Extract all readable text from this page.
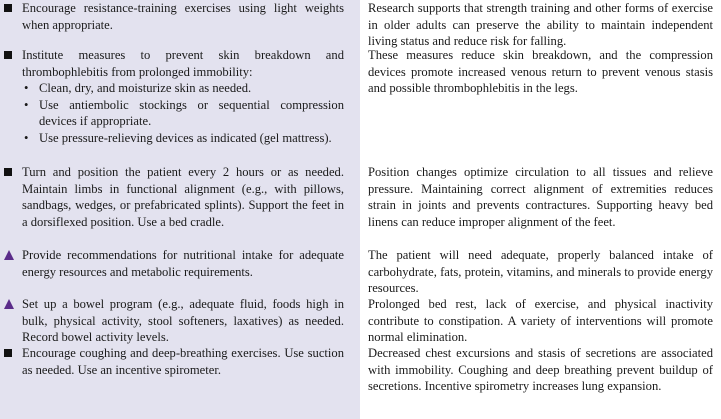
Encourage resistance-training exercises using light weights when appropriate.
Institute measures to prevent skin breakdown and thrombophlebitis from prolonged immobility:
• Clean, dry, and moisturize skin as needed.
• Use antiembolic stockings or sequential compression devices if appropriate.
• Use pressure-relieving devices as indicated (gel mattress).
Turn and position the patient every 2 hours or as needed. Maintain limbs in functional alignment (e.g., with pillows, sandbags, wedges, or prefabricated splints). Support the feet in a dorsiflexed position. Use a bed cradle.
Provide recommendations for nutritional intake for adequate energy resources and metabolic requirements.
Set up a bowel program (e.g., adequate fluid, foods high in bulk, physical activity, stool softeners, laxatives) as needed. Record bowel activity levels.
Encourage coughing and deep-breathing exercises. Use suction as needed. Use an incentive spirometer.
Research supports that strength training and other forms of exercise in older adults can preserve the ability to maintain independent living status and reduce risk for falling.
These measures reduce skin breakdown, and the compression devices promote increased venous return to prevent venous stasis and possible thrombophlebitis in the legs.
Position changes optimize circulation to all tissues and relieve pressure. Maintaining correct alignment of extremities reduces strain in joints and prevents contractures. Supporting heavy bed linens can reduce improper alignment of the feet.
The patient will need adequate, properly balanced intake of carbohydrate, fats, protein, vitamins, and minerals to provide energy resources.
Prolonged bed rest, lack of exercise, and physical inactivity contribute to constipation. A variety of interventions will promote normal elimination.
Decreased chest excursions and stasis of secretions are associated with immobility. Coughing and deep breathing prevent buildup of secretions. Incentive spirometry increases lung expansion.
